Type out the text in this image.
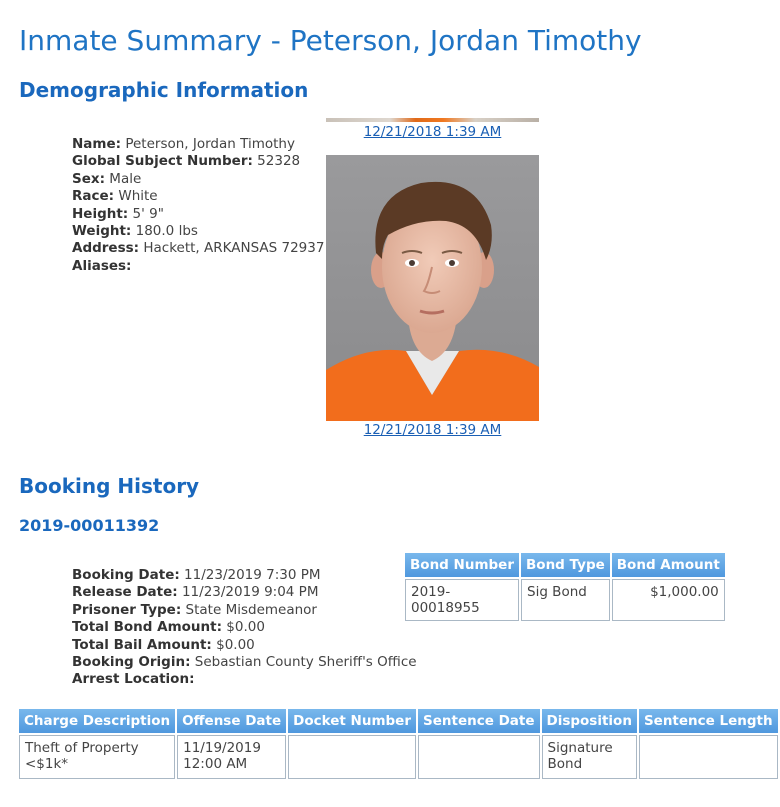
Inmate Summary - Peterson, Jordan Timothy
Demographic Information
Name: Peterson, Jordan Timothy
Global Subject Number: 52328
Sex: Male
Race: White
Height: 5' 9"
Weight: 180.0 lbs
Address: Hackett, ARKANSAS 72937
Aliases:
12/21/2018 1:39 AM
12/21/2018 1:39 AM
Booking History
2019-00011392
Booking Date: 11/23/2019 7:30 PM
Release Date: 11/23/2019 9:04 PM
Prisoner Type: State Misdemeanor
Total Bond Amount: $0.00
Total Bail Amount: $0.00
Booking Origin: Sebastian County Sheriff's Office
Arrest Location:
Bond Number	Bond Type	Bond Amount
2019-00018955	Sig Bond	$1,000.00
Charge Description	Offense Date	Docket Number	Sentence Date	Disposition	Sentence Length
Theft of Property <$1k*	11/19/2019 12:00 AM			Signature Bond	
